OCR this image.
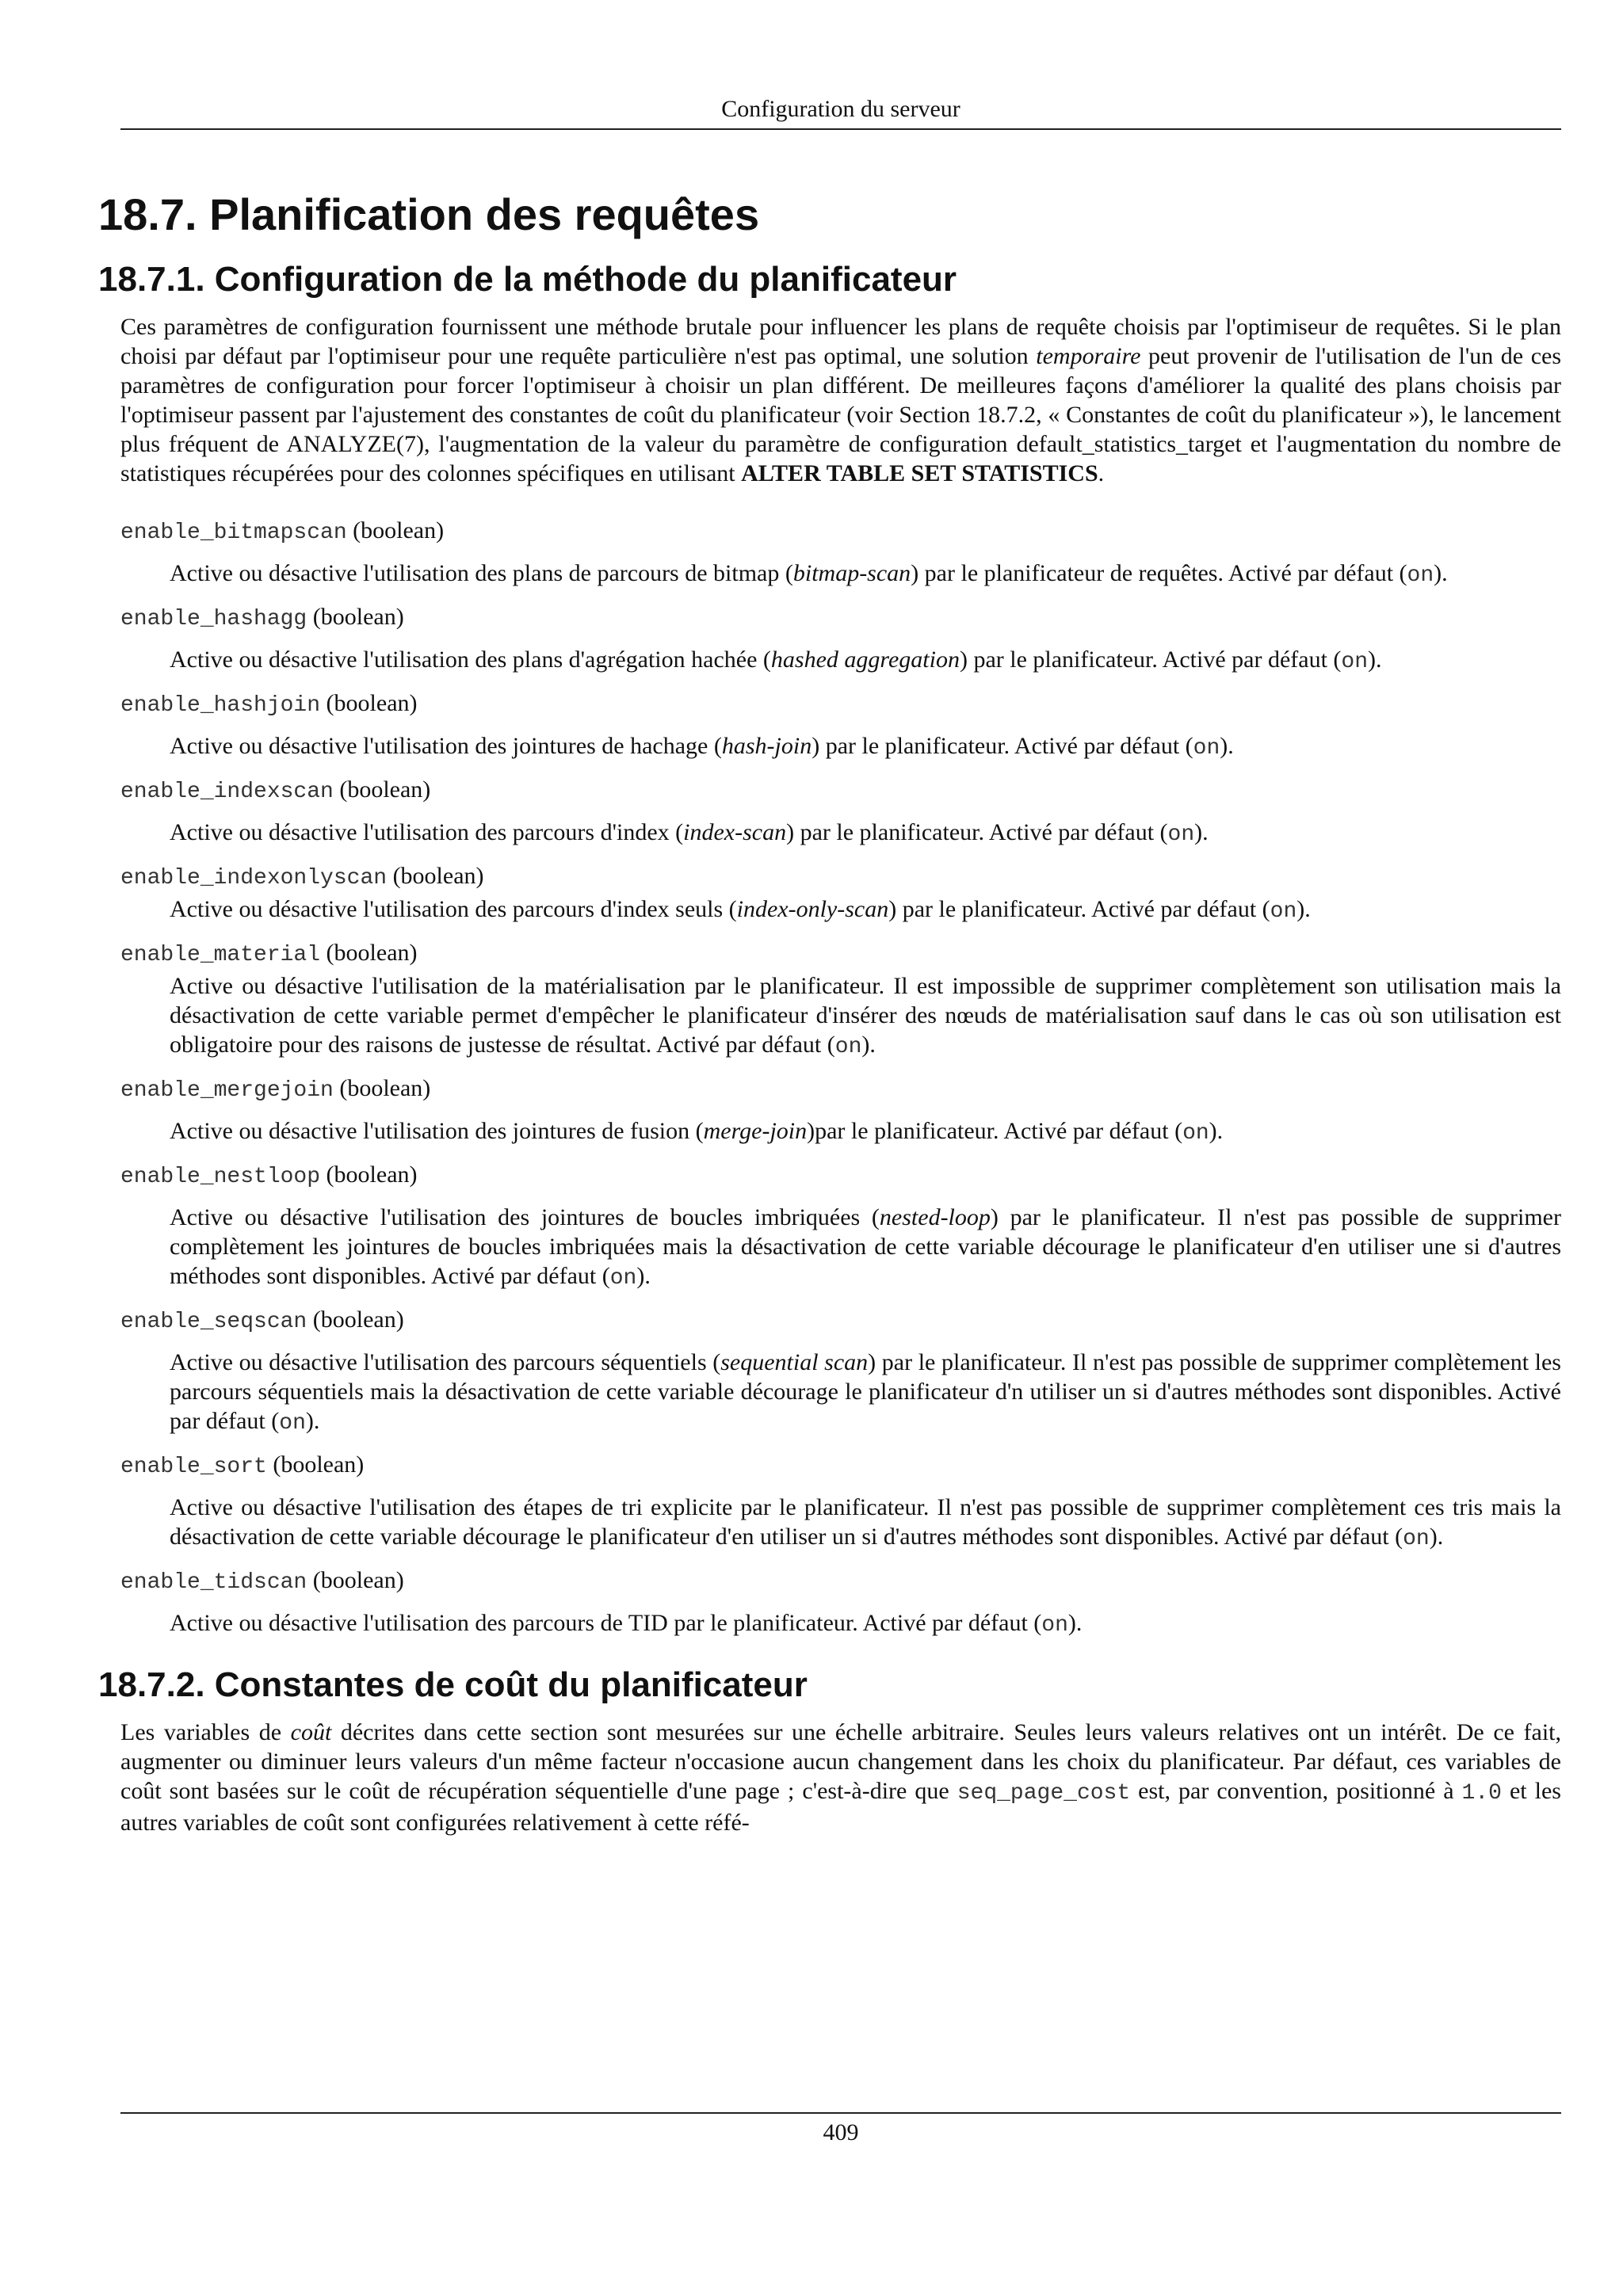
Configuration du serveur
18.7. Planification des requêtes
18.7.1. Configuration de la méthode du planificateur

Ces paramètres de configuration fournissent une méthode brutale pour influencer les plans de requête choisis par l'optimiseur de requêtes. Si le plan choisi par défaut par l'optimiseur pour une requête particulière n'est pas optimal, une solution temporaire peut provenir de l'utilisation de l'un de ces paramètres de configuration pour forcer l'optimiseur à choisir un plan différent. De meilleures façons d'améliorer la qualité des plans choisis par l'optimiseur passent par l'ajustement des constantes de coût du planificateur (voir Section 18.7.2, « Constantes de coût du planificateur »), le lancement plus fréquent de ANALYZE(7), l'augmentation de la valeur du paramètre de configuration default_statistics_target et l'augmentation du nombre de statistiques récupérées pour des colonnes spécifiques en utilisant ALTER TABLE SET STATISTICS.

enable_bitmapscan (boolean)
Active ou désactive l'utilisation des plans de parcours de bitmap (bitmap-scan) par le planificateur de requêtes. Activé par défaut (on).
enable_hashagg (boolean)
Active ou désactive l'utilisation des plans d'agrégation hachée (hashed aggregation) par le planificateur. Activé par défaut (on).
enable_hashjoin (boolean)
Active ou désactive l'utilisation des jointures de hachage (hash-join) par le planificateur. Activé par défaut (on).
enable_indexscan (boolean)
Active ou désactive l'utilisation des parcours d'index (index-scan) par le planificateur. Activé par défaut (on).
enable_indexonlyscan (boolean)
Active ou désactive l'utilisation des parcours d'index seuls (index-only-scan) par le planificateur. Activé par défaut (on).
enable_material (boolean)
Active ou désactive l'utilisation de la matérialisation par le planificateur. Il est impossible de supprimer complètement son utilisation mais la désactivation de cette variable permet d'empêcher le planificateur d'insérer des nœuds de matérialisation sauf dans le cas où son utilisation est obligatoire pour des raisons de justesse de résultat. Activé par défaut (on).
enable_mergejoin (boolean)
Active ou désactive l'utilisation des jointures de fusion (merge-join)par le planificateur. Activé par défaut (on).
enable_nestloop (boolean)
Active ou désactive l'utilisation des jointures de boucles imbriquées (nested-loop) par le planificateur. Il n'est pas possible de supprimer complètement les jointures de boucles imbriquées mais la désactivation de cette variable décourage le planificateur d'en utiliser une si d'autres méthodes sont disponibles. Activé par défaut (on).
enable_seqscan (boolean)
Active ou désactive l'utilisation des parcours séquentiels (sequential scan) par le planificateur. Il n'est pas possible de supprimer complètement les parcours séquentiels mais la désactivation de cette variable décourage le planificateur d'n utiliser un si d'autres méthodes sont disponibles. Activé par défaut (on).
enable_sort (boolean)
Active ou désactive l'utilisation des étapes de tri explicite par le planificateur. Il n'est pas possible de supprimer complètement ces tris mais la désactivation de cette variable décourage le planificateur d'en utiliser un si d'autres méthodes sont disponibles. Activé par défaut (on).
enable_tidscan (boolean)
Active ou désactive l'utilisation des parcours de TID par le planificateur. Activé par défaut (on).
18.7.2. Constantes de coût du planificateur

Les variables de coût décrites dans cette section sont mesurées sur une échelle arbitraire. Seules leurs valeurs relatives ont un intérêt. De ce fait, augmenter ou diminuer leurs valeurs d'un même facteur n'occasione aucun changement dans les choix du planificateur. Par défaut, ces variables de coût sont basées sur le coût de récupération séquentielle d'une page ; c'est-à-dire que seq_page_cost est, par convention, positionné à 1.0 et les autres variables de coût sont configurées relativement à cette réfé-

409
